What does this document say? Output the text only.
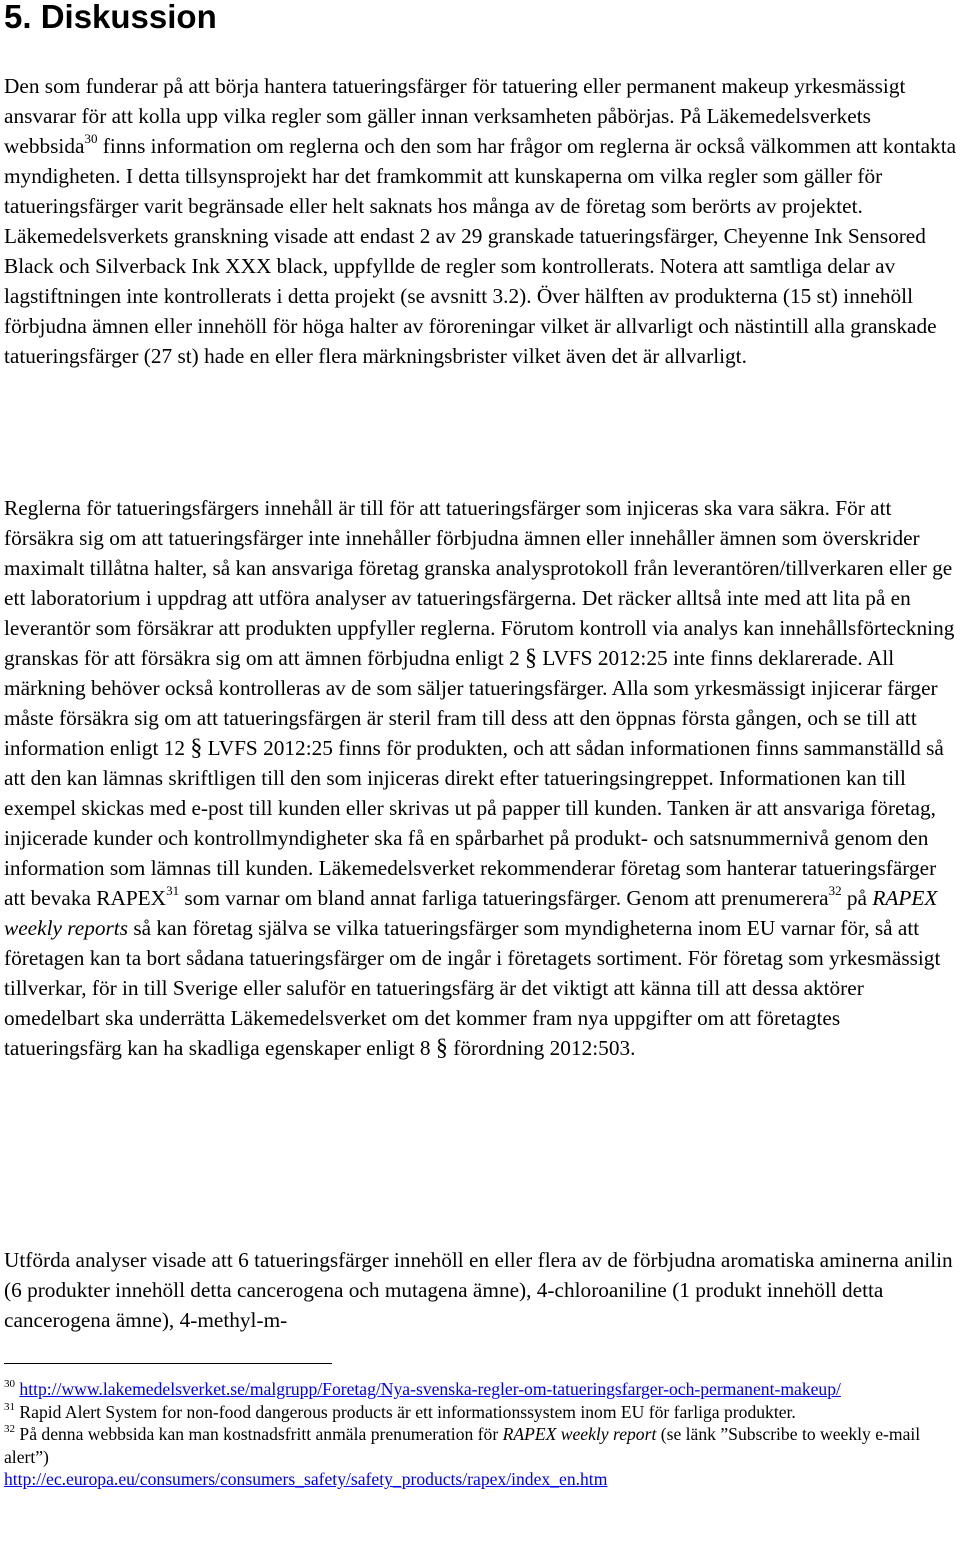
5. Diskussion

Den som funderar på att börja hantera tatueringsfärger för tatuering eller permanent makeup yrkesmässigt ansvarar för att kolla upp vilka regler som gäller innan verksamheten påbörjas. På Läkemedelsverkets webbsida$^{30}$ finns information om reglerna och den som har frågor om reglerna är också välkommen att kontakta myndigheten. I detta tillsynsprojekt har det framkommit att kunskaperna om vilka regler som gäller för tatueringsfärger varit begränsade eller helt saknats hos många av de företag som berörts av projektet. Läkemedelsverkets granskning visade att endast 2 av 29 granskade tatueringsfärger, Cheyenne Ink Sensored Black och Silverback Ink XXX black, uppfyllde de regler som kontrollerats. Notera att samtliga delar av lagstiftningen inte kontrollerats i detta projekt (se avsnitt 3.2). Över hälften av produkterna (15 st) innehöll förbjudna ämnen eller innehöll för höga halter av föroreningar vilket är allvarligt och nästintill alla granskade tatueringsfärger (27 st) hade en eller flera märkningsbrister vilket även det är allvarligt.

Reglerna för tatueringsfärgers innehåll är till för att tatueringsfärger som injiceras ska vara säkra. För att försäkra sig om att tatueringsfärger inte innehåller förbjudna ämnen eller innehåller ämnen som överskrider maximalt tillåtna halter, så kan ansvariga företag granska analysprotokoll från leverantören/tillverkaren eller ge ett laboratorium i uppdrag att utföra analyser av tatueringsfärgerna. Det räcker alltså inte med att lita på en leverantör som försäkrar att produkten uppfyller reglerna. Förutom kontroll via analys kan innehållsförteckning granskas för att försäkra sig om att ämnen förbjudna enligt 2 § LVFS 2012:25 inte finns deklarerade. All märkning behöver också kontrolleras av de som säljer tatueringsfärger. Alla som yrkesmässigt injicerar färger måste försäkra sig om att tatueringsfärgen är steril fram till dess att den öppnas första gången, och se till att information enligt 12 § LVFS 2012:25 finns för produkten, och att sådan informationen finns sammanställd så att den kan lämnas skriftligen till den som injiceras direkt efter tatueringsingreppet. Informationen kan till exempel skickas med e-post till kunden eller skrivas ut på papper till kunden. Tanken är att ansvariga företag, injicerade kunder och kontrollmyndigheter ska få en spårbarhet på produkt- och satsnummernivå genom den information som lämnas till kunden. Läkemedelsverket rekommenderar företag som hanterar tatueringsfärger att bevaka RAPEX$^{31}$ som varnar om bland annat farliga tatueringsfärger. Genom att prenumerera$^{32}$ på RAPEX weekly reports så kan företag själva se vilka tatueringsfärger som myndigheterna inom EU varnar för, så att företagen kan ta bort sådana tatueringsfärger om de ingår i företagets sortiment. För företag som yrkesmässigt tillverkar, för in till Sverige eller saluför en tatueringsfärg är det viktigt att känna till att dessa aktörer omedelbart ska underrätta Läkemedelsverket om det kommer fram nya uppgifter om att företagtes tatueringsfärg kan ha skadliga egenskaper enligt 8 § förordning 2012:503.

Utförda analyser visade att 6 tatueringsfärger innehöll en eller flera av de förbjudna aromatiska aminerna anilin (6 produkter innehöll detta cancerogena och mutagena ämne), 4-chloroaniline (1 produkt innehöll detta cancerogena ämne), 4-methyl-m-

$^{30}$ http://www.lakemedelsverket.se/malgrupp/Foretag/Nya-svenska-regler-om-tatueringsfarger-och-permanent-makeup/

$^{31}$ Rapid Alert System for non-food dangerous products är ett informationssystem inom EU för farliga produkter.

$^{32}$ På denna webbsida kan man kostnadsfritt anmäla prenumeration för RAPEX weekly report (se länk ”Subscribe to weekly e-mail alert”)
http://ec.europa.eu/consumers/consumers_safety/safety_products/rapex/index_en.htm
